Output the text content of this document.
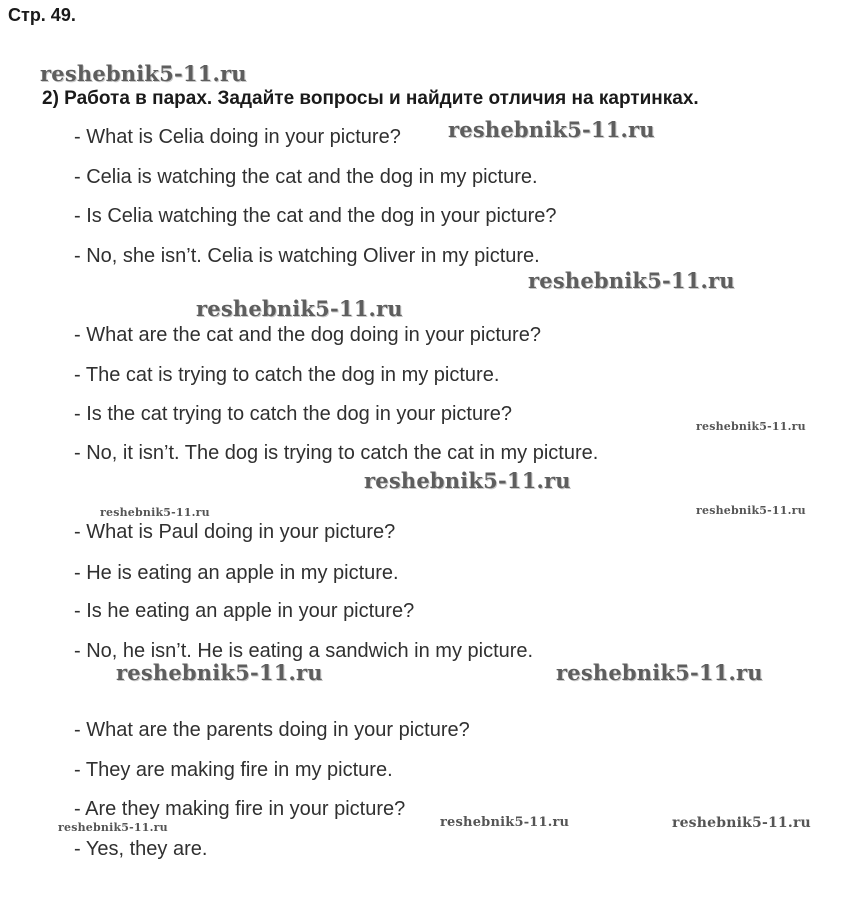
Стр. 49.
2) Работа в парах. Задайте вопросы и найдите отличия на картинках.
- What is Celia doing in your picture?
- Celia is watching the cat and the dog in my picture.
- Is Celia watching the cat and the dog in your picture?
- No, she isn’t. Celia is watching Oliver in my picture.
- What are the cat and the dog doing in your picture?
- The cat is trying to catch the dog in my picture.
- Is the cat trying to catch the dog in your picture?
- No, it isn’t. The dog is trying to catch the cat in my picture.
- What is Paul doing in your picture?
- He is eating an apple in my picture.
- Is he eating an apple in your picture?
- No, he isn’t. He is eating a sandwich in my picture.
- What are the parents doing in your picture?
- They are making fire in my picture.
- Are they making fire in your picture?
- Yes, they are.
reshebnik5-11.ru
reshebnik5-11.ru
reshebnik5-11.ru
reshebnik5-11.ru
reshebnik5-11.ru
reshebnik5-11.ru
reshebnik5-11.ru	reshebnik5-11.ru
reshebnik5-11.ru	reshebnik5-11.ru
reshebnik5-11.ru	reshebnik5-11.ru	reshebnik5-11.ru
